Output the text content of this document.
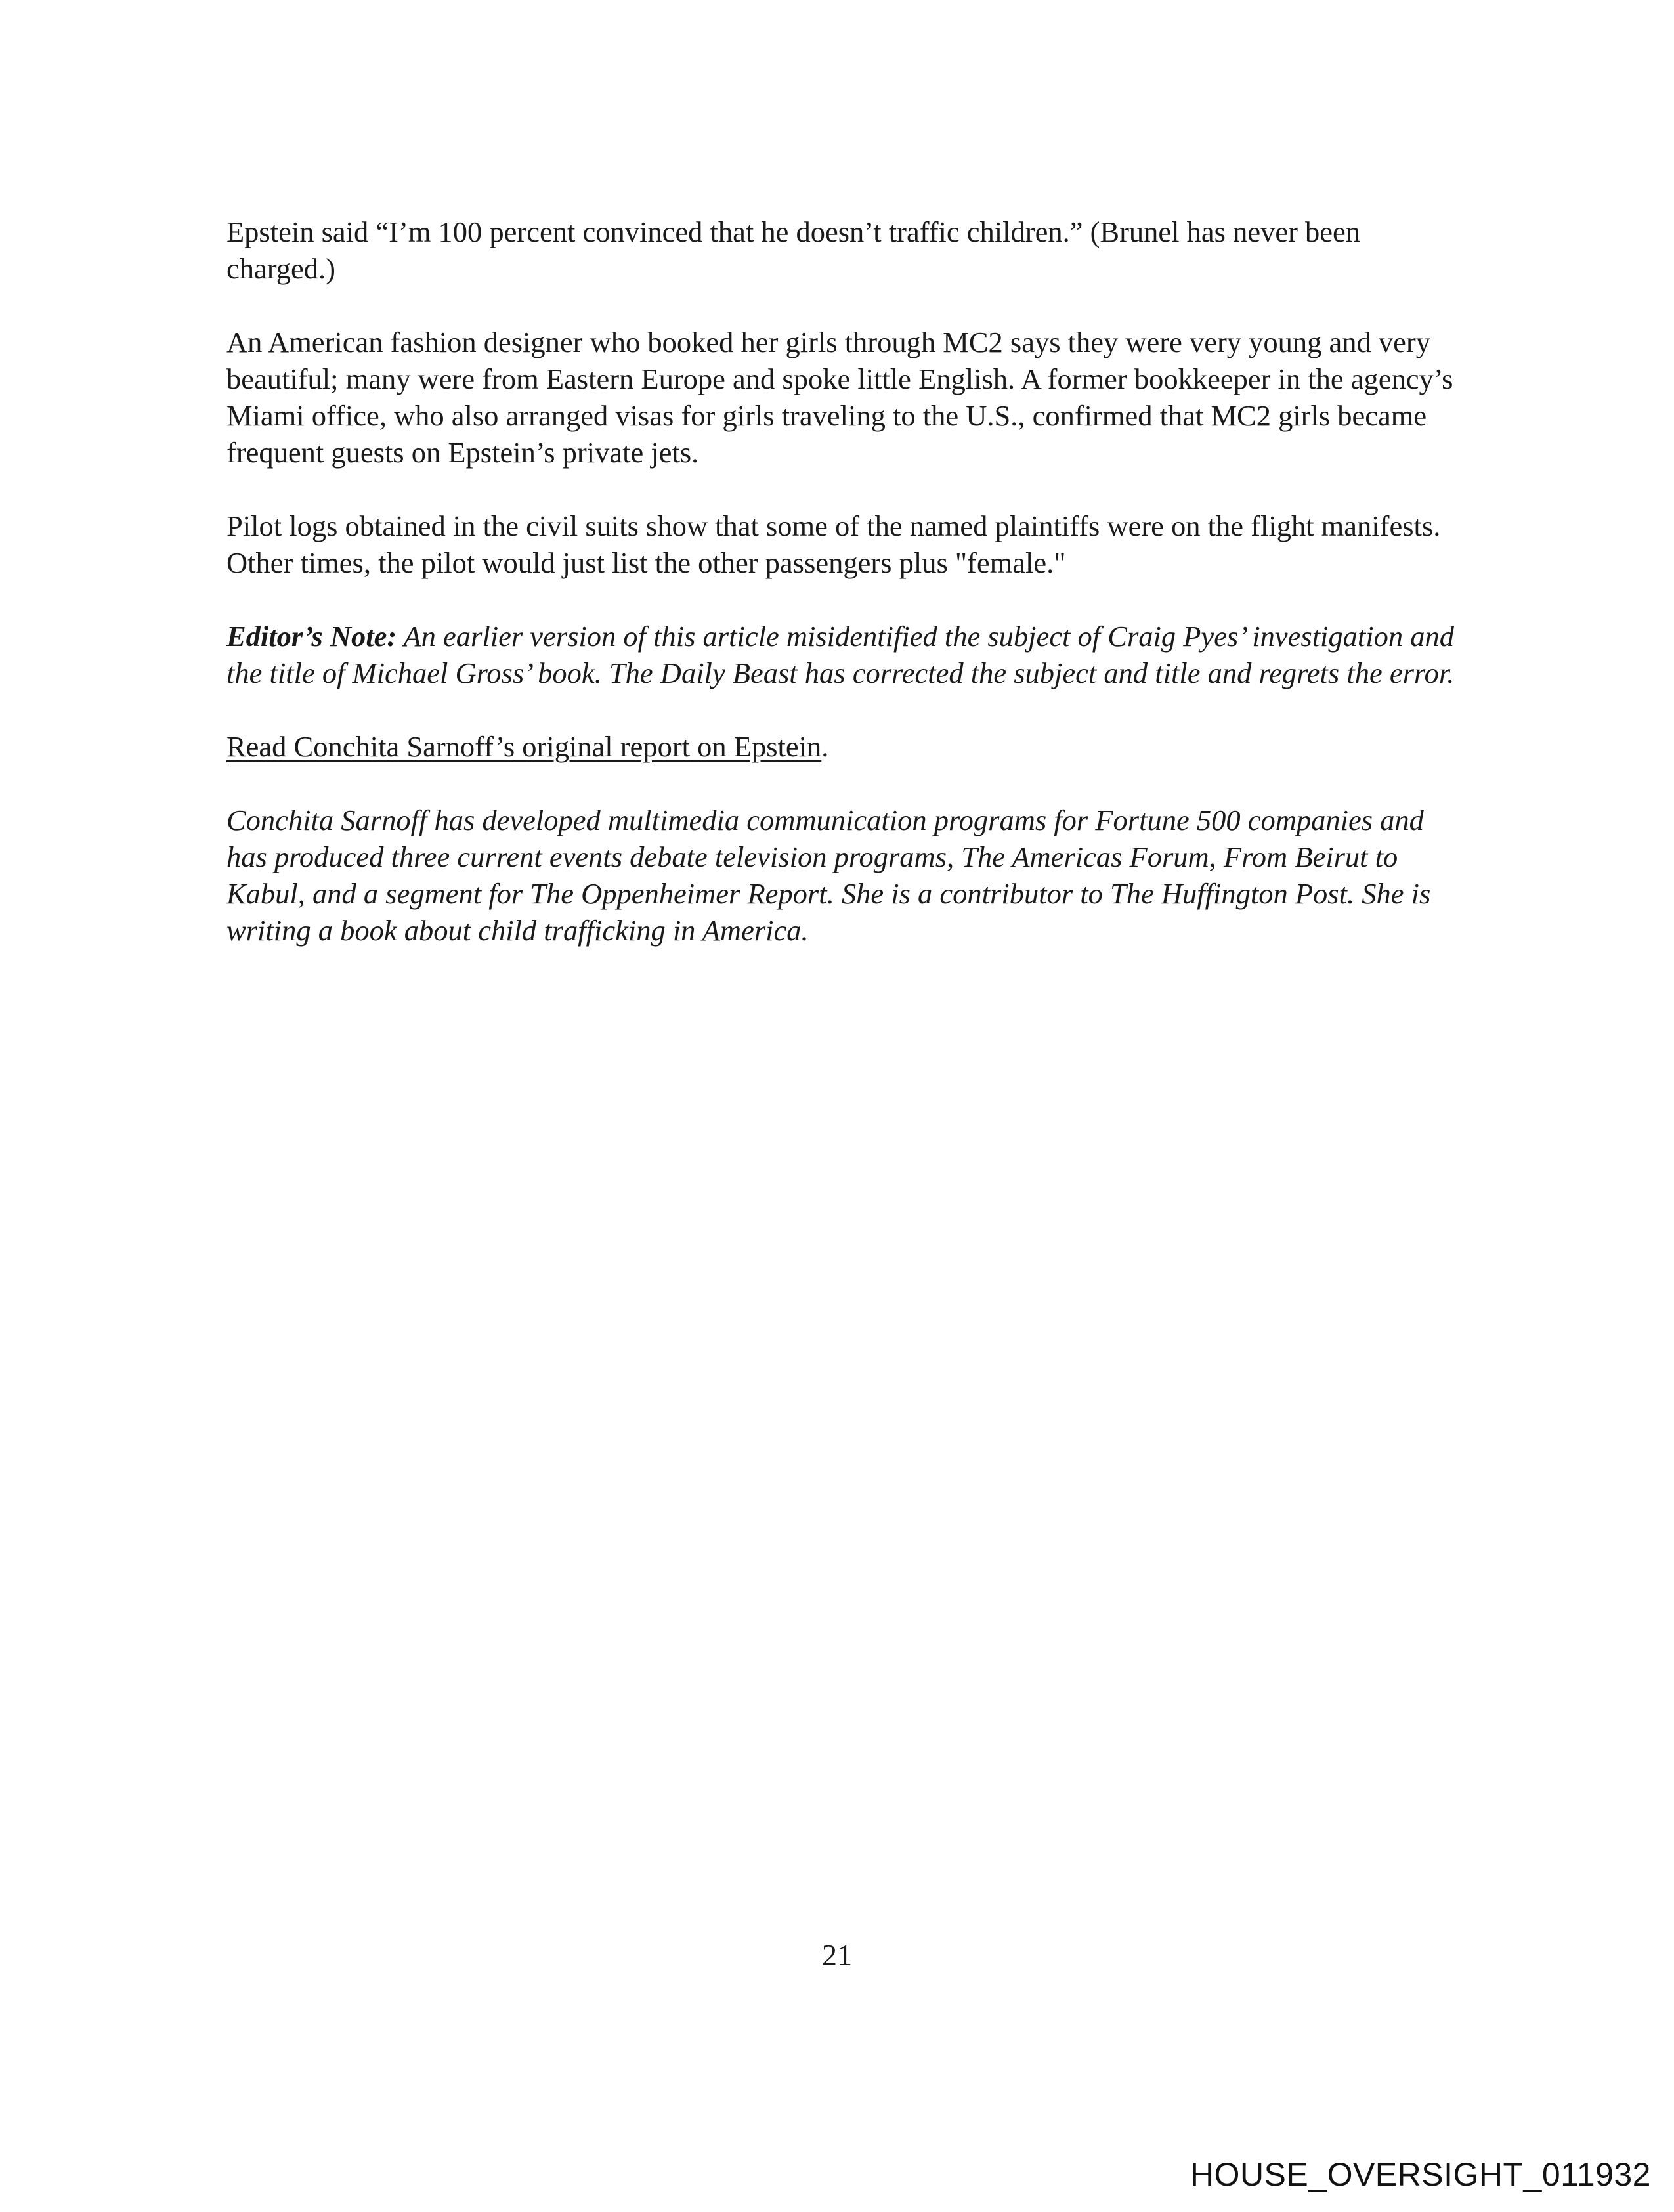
Epstein said “I’m 100 percent convinced that he doesn’t traffic children.” (Brunel has never been charged.)

An American fashion designer who booked her girls through MC2 says they were very young and very beautiful; many were from Eastern Europe and spoke little English. A former bookkeeper in the agency’s Miami office, who also arranged visas for girls traveling to the U.S., confirmed that MC2 girls became frequent guests on Epstein’s private jets.

Pilot logs obtained in the civil suits show that some of the named plaintiffs were on the flight manifests. Other times, the pilot would just list the other passengers plus "female."

Editor’s Note: An earlier version of this article misidentified the subject of Craig Pyes’ investigation and the title of Michael Gross’ book. The Daily Beast has corrected the subject and title and regrets the error.

Read Conchita Sarnoff’s original report on Epstein.

Conchita Sarnoff has developed multimedia communication programs for Fortune 500 companies and has produced three current events debate television programs, The Americas Forum, From Beirut to Kabul, and a segment for The Oppenheimer Report. She is a contributor to The Huffington Post. She is writing a book about child trafficking in America.

21
HOUSE_OVERSIGHT_011932
